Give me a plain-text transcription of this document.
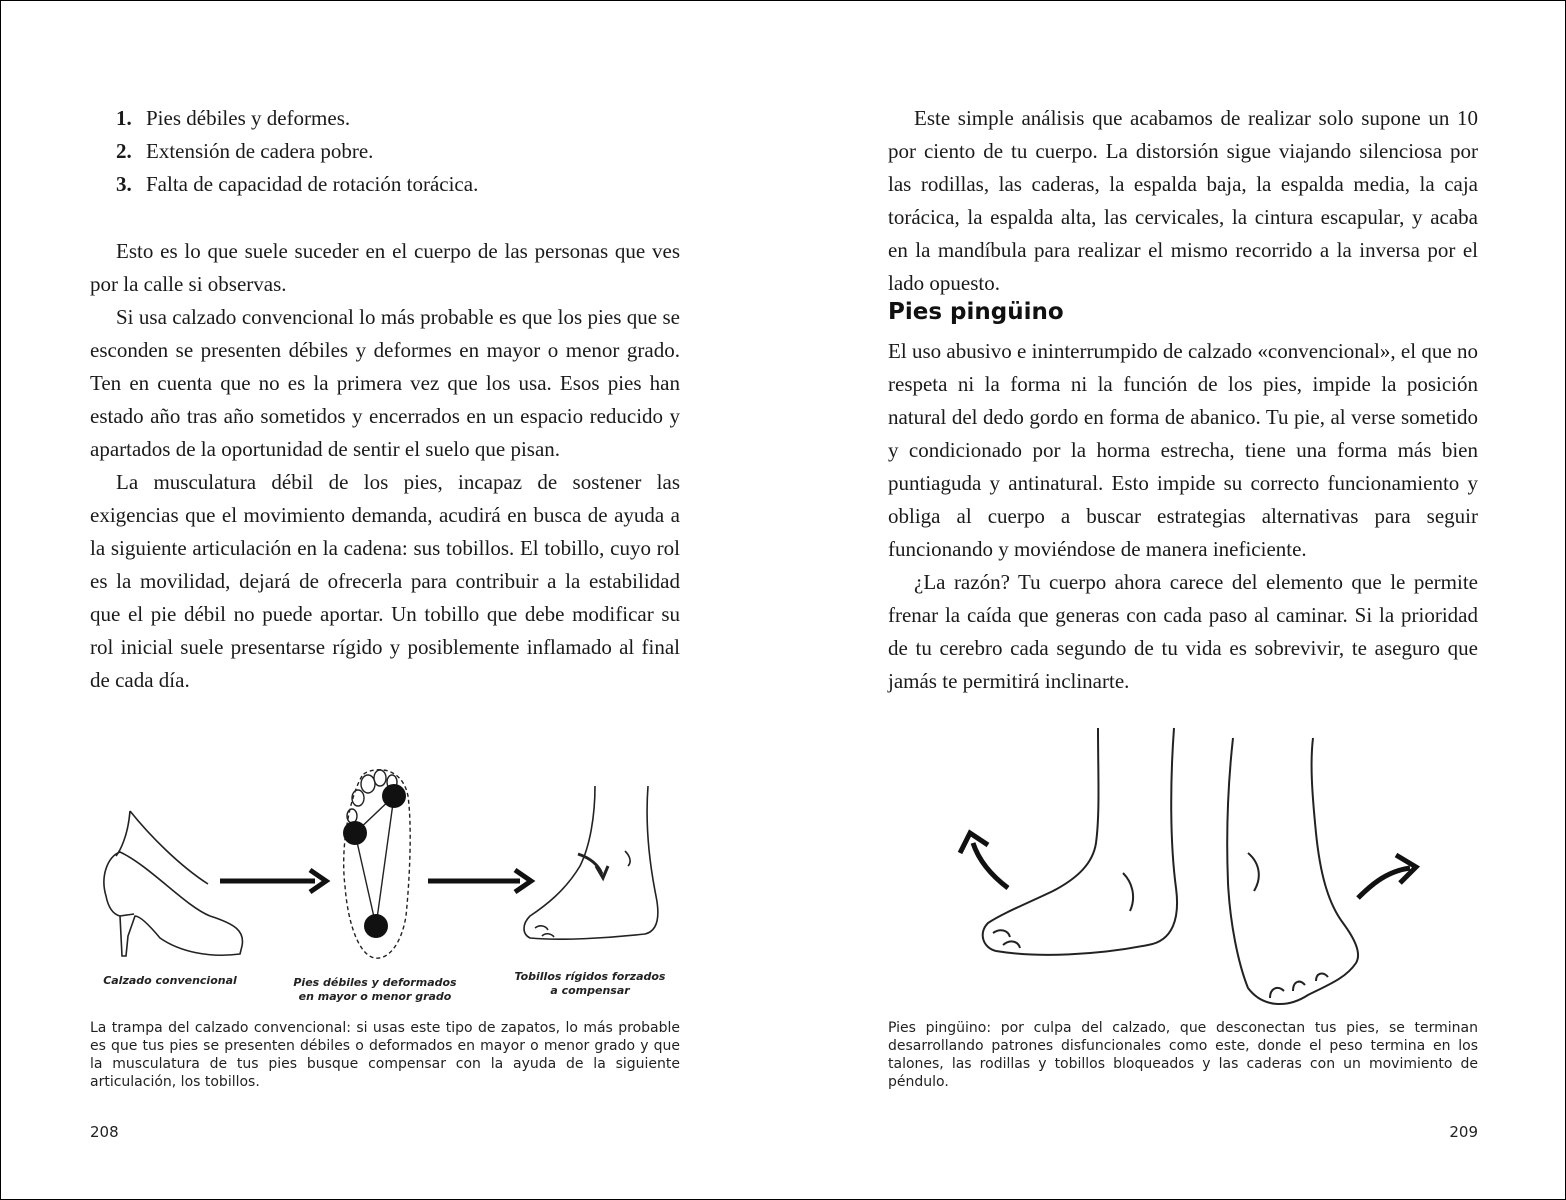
1. Pies débiles y deformes.
2. Extensión de cadera pobre.
3. Falta de capacidad de rotación torácica.

Esto es lo que suele suceder en el cuerpo de las personas que ves por la calle si observas.

Si usa calzado convencional lo más probable es que los pies que se esconden se presenten débiles y deformes en mayor o menor grado. Ten en cuenta que no es la primera vez que los usa. Esos pies han estado año tras año sometidos y encerrados en un espacio reducido y apartados de la oportunidad de sentir el suelo que pisan.

La musculatura débil de los pies, incapaz de sostener las exigencias que el movimiento demanda, acudirá en busca de ayuda a la siguiente articulación en la cadena: sus tobillos. El tobillo, cuyo rol es la movilidad, dejará de ofrecerla para contribuir a la estabilidad que el pie débil no puede aportar. Un tobillo que debe modificar su rol inicial suele presentarse rígido y posiblemente inflamado al final de cada día.

Calzado convencional	Pies débiles y deformados
en mayor o menor grado
Tobillos rígidos forzados
a compensar
La trampa del calzado convencional: si usas este tipo de zapatos, lo más probable es que tus pies se presenten débiles o deformados en mayor o menor grado y que la musculatura de tus pies busque compensar con la ayuda de la siguiente articulación, los tobillos.
208

Este simple análisis que acabamos de realizar solo supone un 10 por ciento de tu cuerpo. La distorsión sigue viajando silenciosa por las rodillas, las caderas, la espalda baja, la espalda media, la caja torácica, la espalda alta, las cervicales, la cintura escapular, y acaba en la mandíbula para realizar el mismo recorrido a la inversa por el lado opuesto.

Pies pingüino

El uso abusivo e ininterrumpido de calzado «convencional», el que no respeta ni la forma ni la función de los pies, impide la posición natural del dedo gordo en forma de abanico. Tu pie, al verse sometido y condicionado por la horma estrecha, tiene una forma más bien puntiaguda y antinatural. Esto impide su correcto funcionamiento y obliga al cuerpo a buscar estrategias alternativas para seguir funcionando y moviéndose de manera ineficiente.

¿La razón? Tu cuerpo ahora carece del elemento que le permite frenar la caída que generas con cada paso al caminar. Si la prioridad de tu cerebro cada segundo de tu vida es sobrevivir, te aseguro que jamás te permitirá inclinarte.

Pies pingüino: por culpa del calzado, que desconectan tus pies, se terminan desarrollando patrones disfuncionales como este, donde el peso termina en los talones, las rodillas y tobillos bloqueados y las caderas con un movimiento de péndulo.
209
